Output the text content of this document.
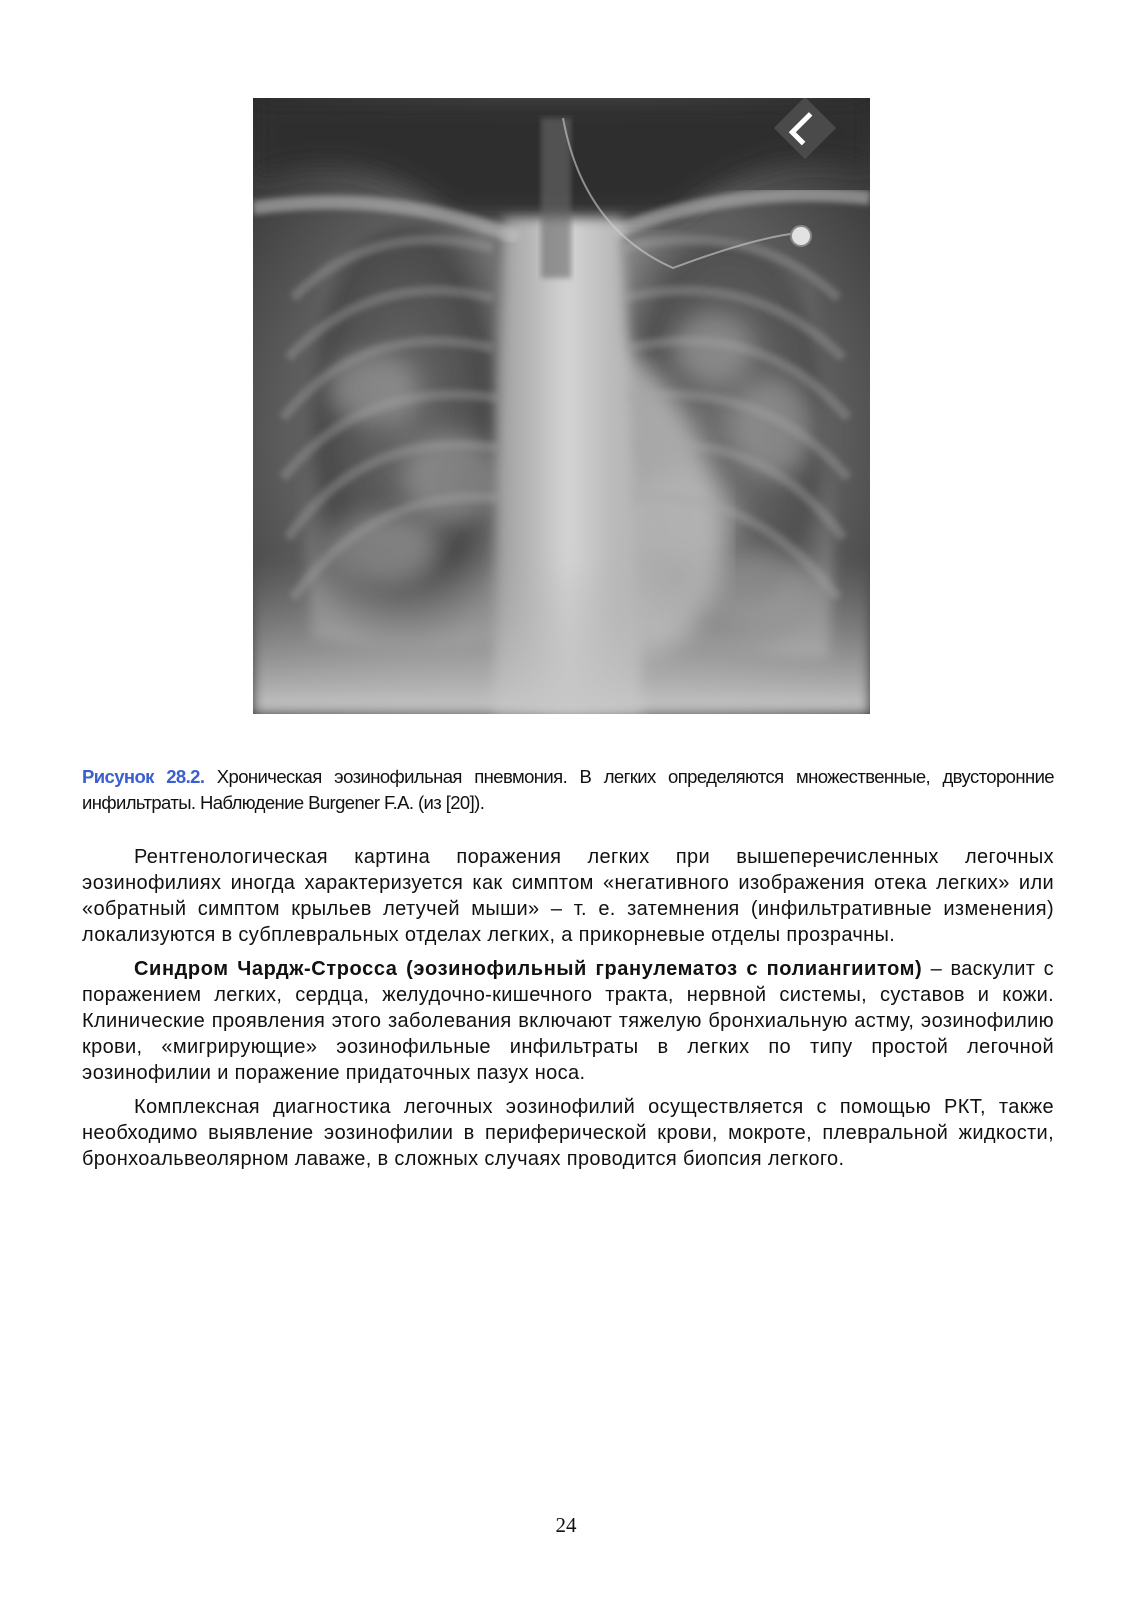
Рисунок 28.2. Хроническая эозинофильная пневмония. В легких определяются множественные, двусторонние инфильтраты. Наблюдение Burgener F.A. (из [20]).

Рентгенологическая картина поражения легких при вышеперечисленных легочных эозинофилиях иногда характеризуется как симптом «негативного изображения отека легких» или «обратный симптом крыльев летучей мыши» – т. е. затемнения (инфильтративные изменения) локализуются в субплевральных отделах легких, а прикорневые отделы прозрачны.

Синдром Чардж-Стросса (эозинофильный гранулематоз с полиангиитом) – васкулит с поражением легких, сердца, желудочно-кишечного тракта, нервной системы, суставов и кожи. Клинические проявления этого заболевания включают тяжелую бронхиальную астму, эозинофилию крови, «мигрирующие» эозинофильные инфильтраты в легких по типу простой легочной эозинофилии и поражение придаточных пазух носа.

Комплексная диагностика легочных эозинофилий осуществляется с помощью РКТ, также необходимо выявление эозинофилии в периферической крови, мокроте, плевральной жидкости, бронхоальвеолярном лаваже, в сложных случаях проводится биопсия легкого.

24
